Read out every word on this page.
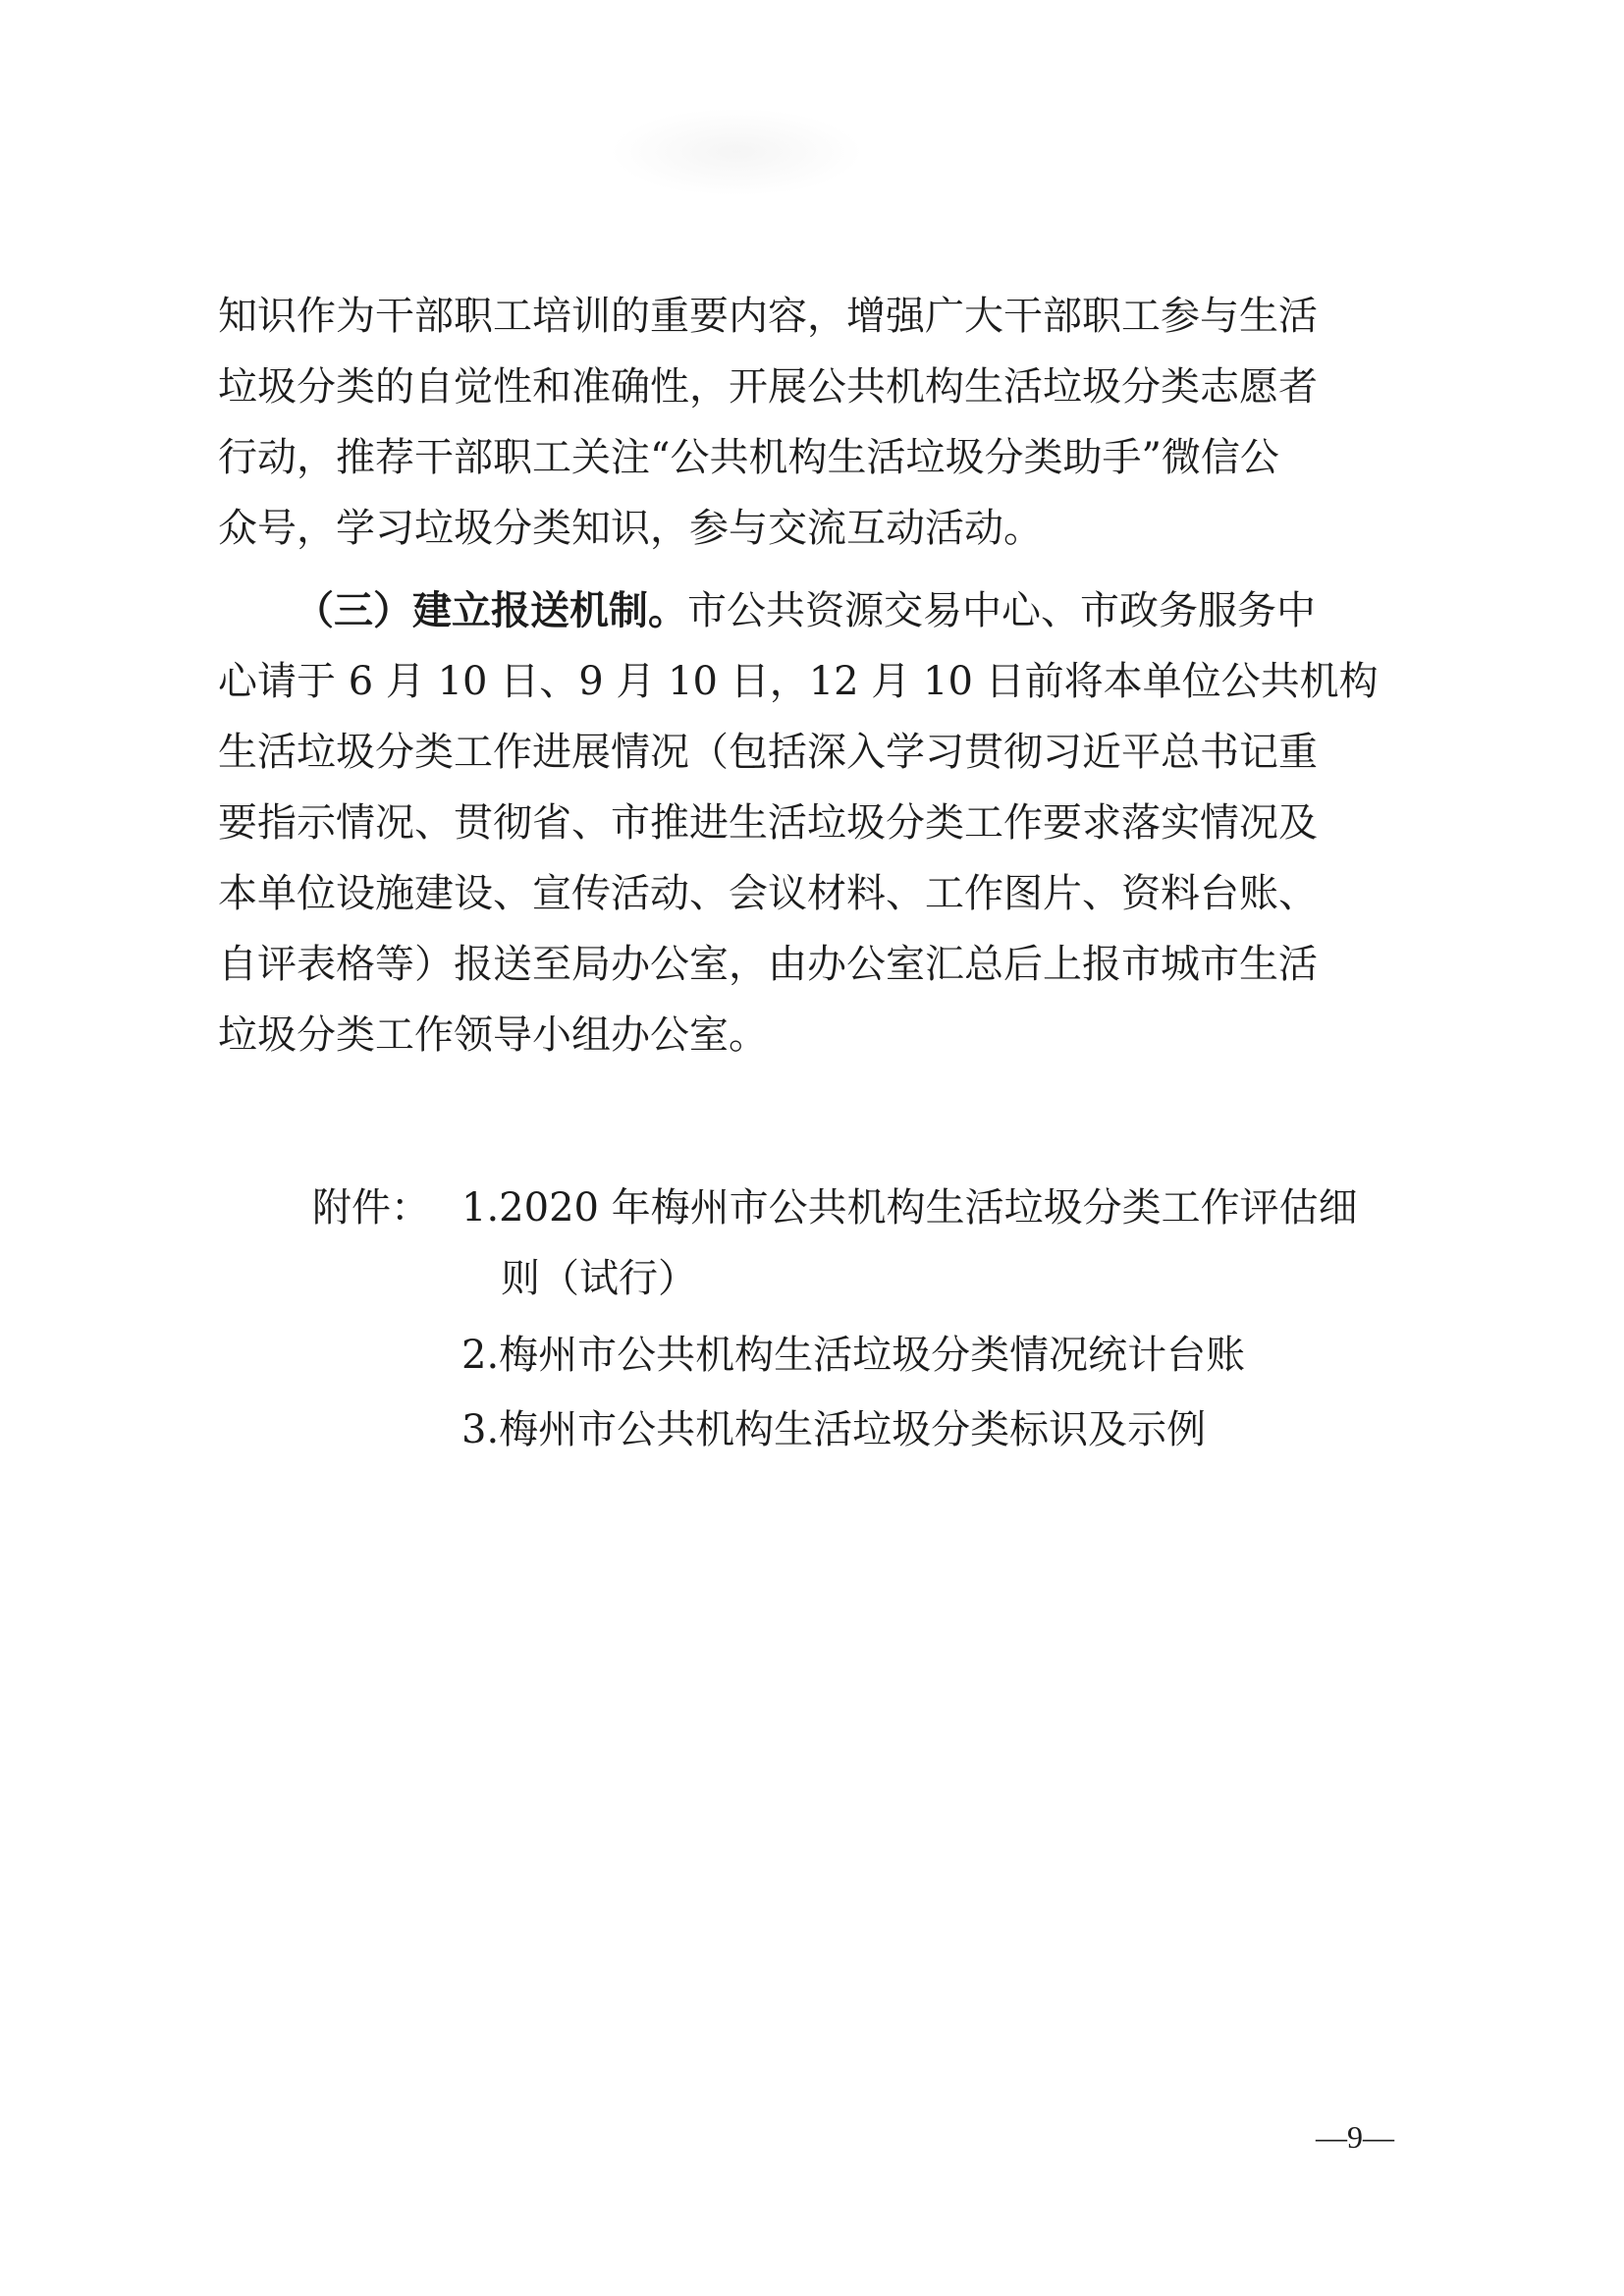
知识作为干部职工培训的重要内容，增强广大干部职工参与生活
垃圾分类的自觉性和准确性，开展公共机构生活垃圾分类志愿者
行动，推荐干部职工关注“公共机构生活垃圾分类助手”微信公
众号，学习垃圾分类知识，参与交流互动活动。
（三）建立报送机制。市公共资源交易中心、市政务服务中
心请于 6 月 10 日、9 月 10 日，12 月 10 日前将本单位公共机构
生活垃圾分类工作进展情况（包括深入学习贯彻习近平总书记重
要指示情况、贯彻省、市推进生活垃圾分类工作要求落实情况及
本单位设施建设、宣传活动、会议材料、工作图片、资料台账、
自评表格等）报送至局办公室，由办公室汇总后上报市城市生活
垃圾分类工作领导小组办公室。
附件： 1.2020 年梅州市公共机构生活垃圾分类工作评估细
则（试行）
2.梅州市公共机构生活垃圾分类情况统计台账
3.梅州市公共机构生活垃圾分类标识及示例
—9—
